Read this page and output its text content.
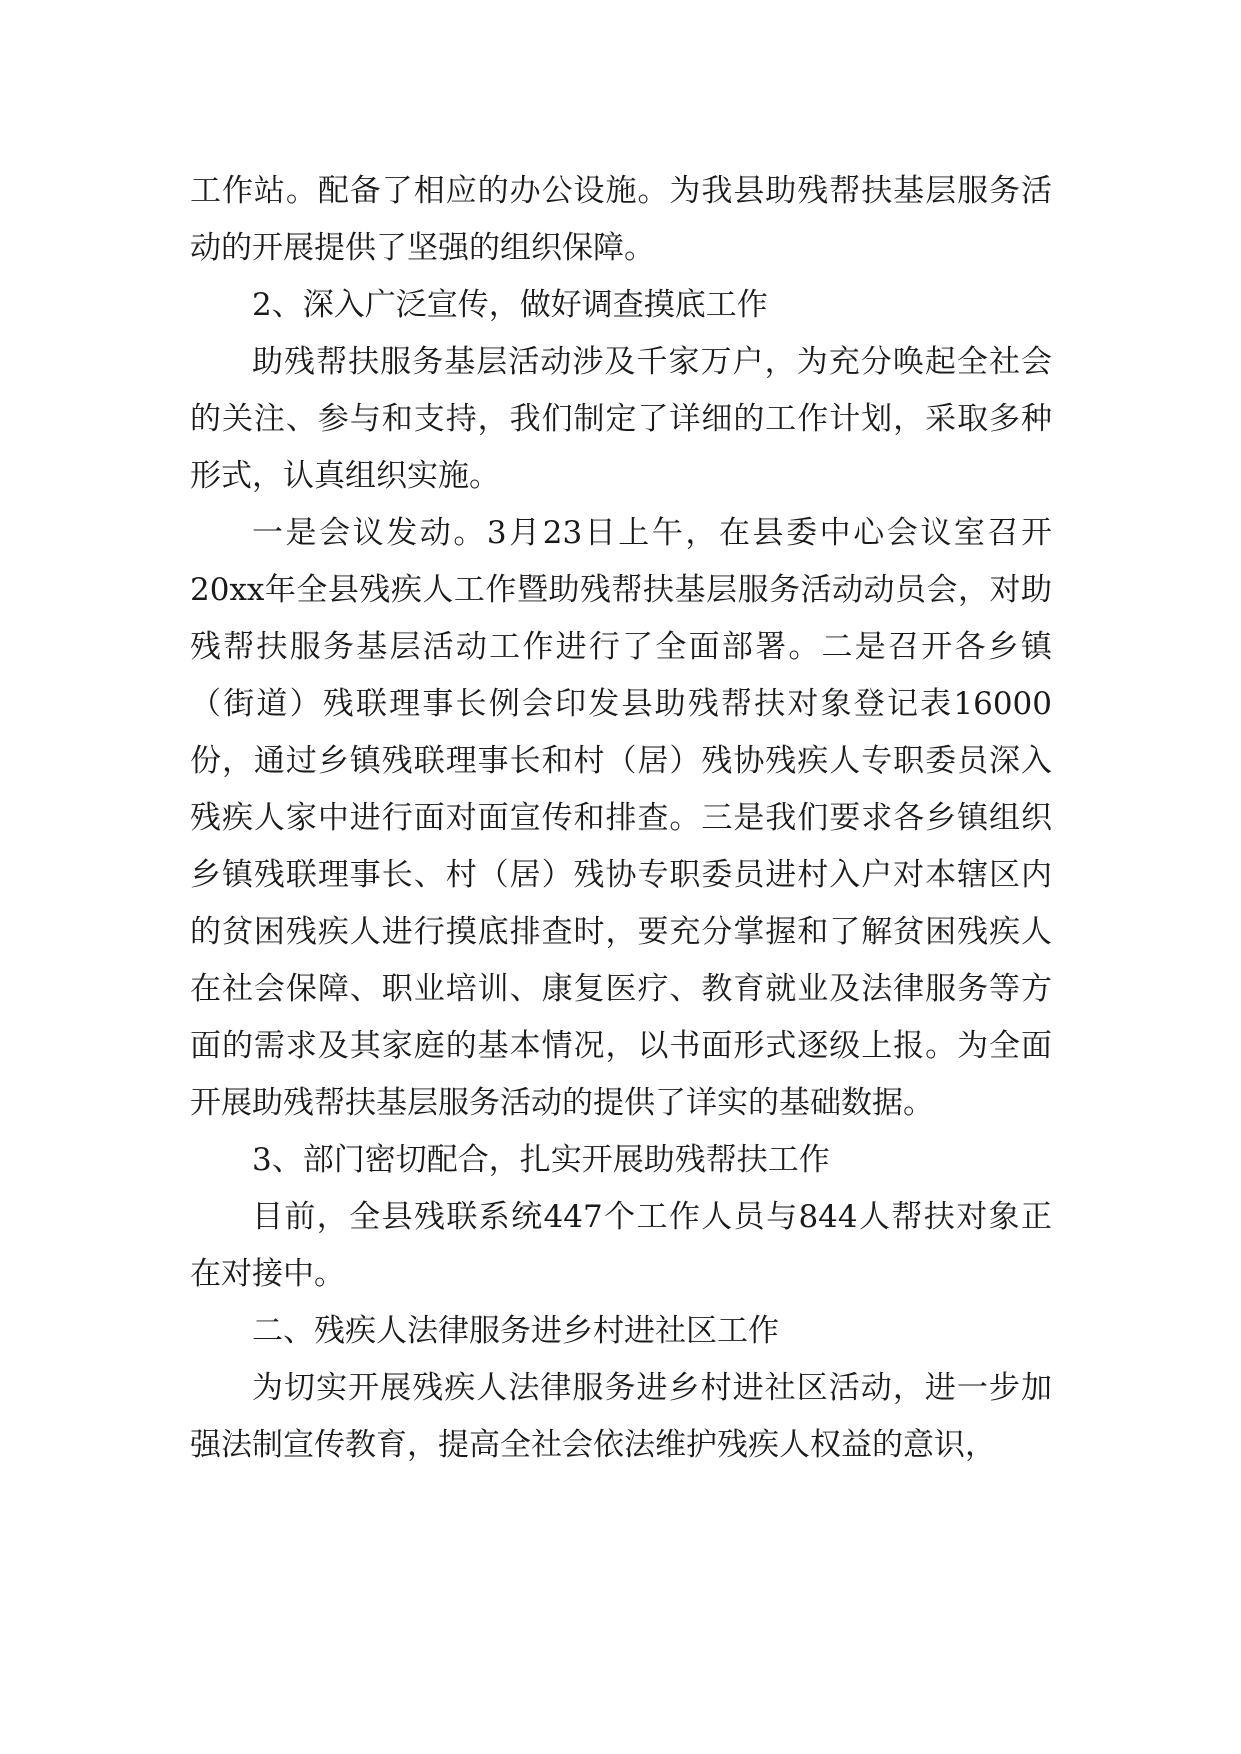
工作站。配备了相应的办公设施。为我县助残帮扶基层服务活动的开展提供了坚强的组织保障。

2、深入广泛宣传，做好调查摸底工作

助残帮扶服务基层活动涉及千家万户，为充分唤起全社会的关注、参与和支持，我们制定了详细的工作计划，采取多种形式，认真组织实施。

一是会议发动。3月23日上午，在县委中心会议室召开20xx年全县残疾人工作暨助残帮扶基层服务活动动员会，对助残帮扶服务基层活动工作进行了全面部署。二是召开各乡镇（街道）残联理事长例会印发县助残帮扶对象登记表16000份，通过乡镇残联理事长和村（居）残协残疾人专职委员深入残疾人家中进行面对面宣传和排查。三是我们要求各乡镇组织乡镇残联理事长、村（居）残协专职委员进村入户对本辖区内的贫困残疾人进行摸底排查时，要充分掌握和了解贫困残疾人在社会保障、职业培训、康复医疗、教育就业及法律服务等方面的需求及其家庭的基本情况，以书面形式逐级上报。为全面开展助残帮扶基层服务活动的提供了详实的基础数据。

3、部门密切配合，扎实开展助残帮扶工作

目前，全县残联系统447个工作人员与844人帮扶对象正在对接中。

二、残疾人法律服务进乡村进社区工作

为切实开展残疾人法律服务进乡村进社区活动，进一步加强法制宣传教育，提高全社会依法维护残疾人权益的意识，
